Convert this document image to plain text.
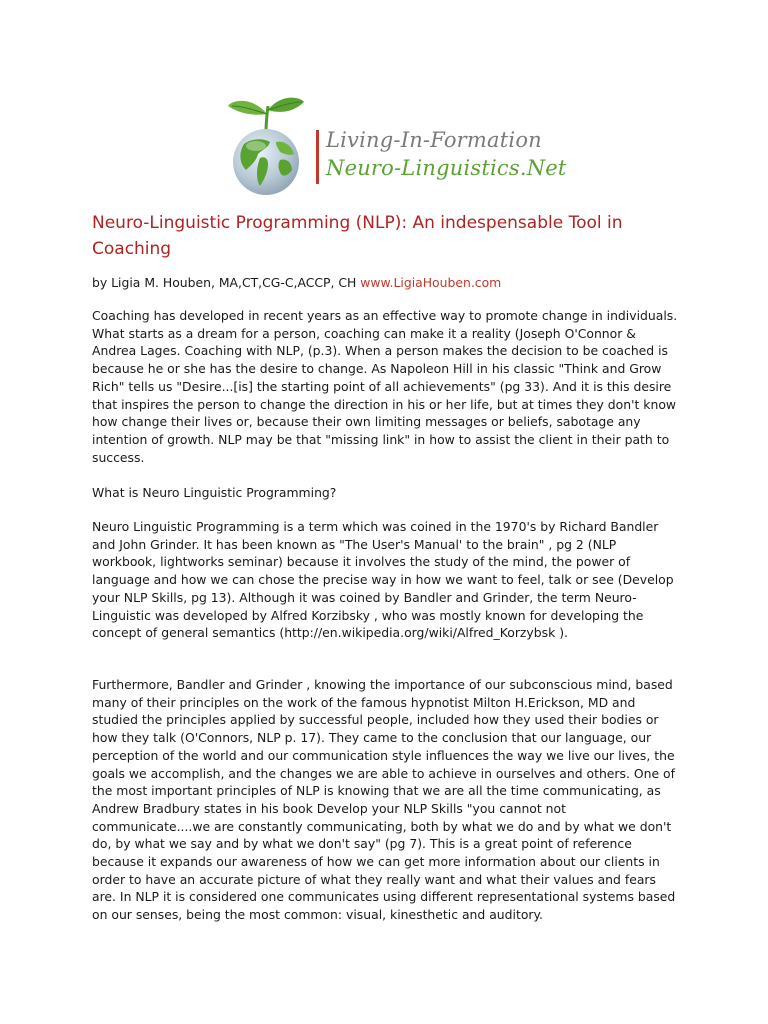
Living-In-Formation
Neuro-Linguistics.Net
Neuro-Linguistic Programming (NLP): An indespensable Tool in Coaching

by Ligia M. Houben, MA,CT,CG-C,ACCP, CH www.LigiaHouben.com

Coaching has developed in recent years as an effective way to promote change in individuals. What starts as a dream for a person, coaching can make it a reality (Joseph O'Connor & Andrea Lages. Coaching with NLP, (p.3). When a person makes the decision to be coached is because he or she has the desire to change. As Napoleon Hill in his classic "Think and Grow Rich" tells us "Desire...[is] the starting point of all achievements" (pg 33). And it is this desire that inspires the person to change the direction in his or her life, but at times they don't know how change their lives or, because their own limiting messages or beliefs, sabotage any intention of growth. NLP may be that "missing link" in how to assist the client in their path to success.

What is Neuro Linguistic Programming?

Neuro Linguistic Programming is a term which was coined in the 1970's by Richard Bandler and John Grinder. It has been known as "The User's Manual' to the brain" , pg 2 (NLP workbook, lightworks seminar) because it involves the study of the mind, the power of language and how we can chose the precise way in how we want to feel, talk or see (Develop your NLP Skills, pg 13). Although it was coined by Bandler and Grinder, the term Neuro-Linguistic was developed by Alfred Korzibsky , who was mostly known for developing the concept of general semantics (http://en.wikipedia.org/wiki/Alfred_Korzybsk ).

Furthermore, Bandler and Grinder , knowing the importance of our subconscious mind, based many of their principles on the work of the famous hypnotist Milton H.Erickson, MD and studied the principles applied by successful people, included how they used their bodies or how they talk (O'Connors, NLP p. 17). They came to the conclusion that our language, our perception of the world and our communication style influences the way we live our lives, the goals we accomplish, and the changes we are able to achieve in ourselves and others. One of the most important principles of NLP is knowing that we are all the time communicating, as Andrew Bradbury states in his book Develop your NLP Skills "you cannot not communicate....we are constantly communicating, both by what we do and by what we don't do, by what we say and by what we don't say" (pg 7). This is a great point of reference because it expands our awareness of how we can get more information about our clients in order to have an accurate picture of what they really want and what their values and fears are. In NLP it is considered one communicates using different representational systems based on our senses, being the most common: visual, kinesthetic and auditory.
